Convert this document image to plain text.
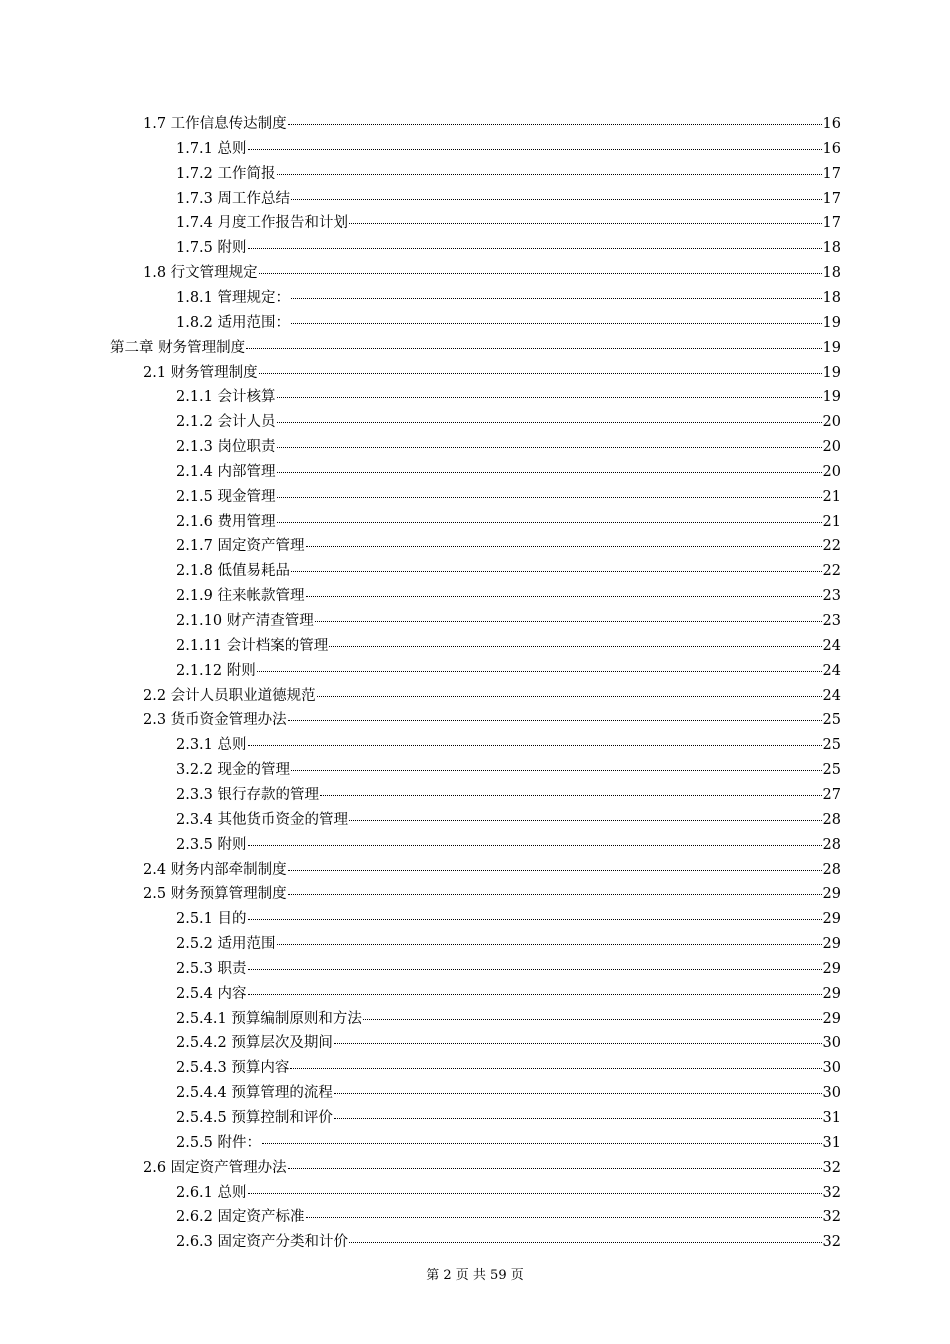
1.7 工作信息传达制度	16
1.7.1 总则	16
1.7.2 工作简报	17
1.7.3 周工作总结	17
1.7.4 月度工作报告和计划	17
1.7.5 附则	18
1.8 行文管理规定	18
1.8.1 管理规定：	18
1.8.2 适用范围：	19
第二章 财务管理制度	19
2.1 财务管理制度	19
2.1.1 会计核算	19
2.1.2 会计人员	20
2.1.3 岗位职责	20
2.1.4 内部管理	20
2.1.5 现金管理	21
2.1.6 费用管理	21
2.1.7 固定资产管理	22
2.1.8 低值易耗品	22
2.1.9 往来帐款管理	23
2.1.10 财产清查管理	23
2.1.11 会计档案的管理	24
2.1.12 附则	24
2.2 会计人员职业道德规范	24
2.3 货币资金管理办法	25
2.3.1 总则	25
3.2.2 现金的管理	25
2.3.3 银行存款的管理	27
2.3.4 其他货币资金的管理	28
2.3.5 附则	28
2.4 财务内部牵制制度	28
2.5 财务预算管理制度	29
2.5.1 目的	29
2.5.2 适用范围	29
2.5.3 职责	29
2.5.4 内容	29
2.5.4.1 预算编制原则和方法	29
2.5.4.2 预算层次及期间	30
2.5.4.3 预算内容	30
2.5.4.4 预算管理的流程	30
2.5.4.5 预算控制和评价	31
2.5.5 附件：	31
2.6 固定资产管理办法	32
2.6.1 总则	32
2.6.2 固定资产标准	32
2.6.3 固定资产分类和计价	32
第 2 页 共 59 页
